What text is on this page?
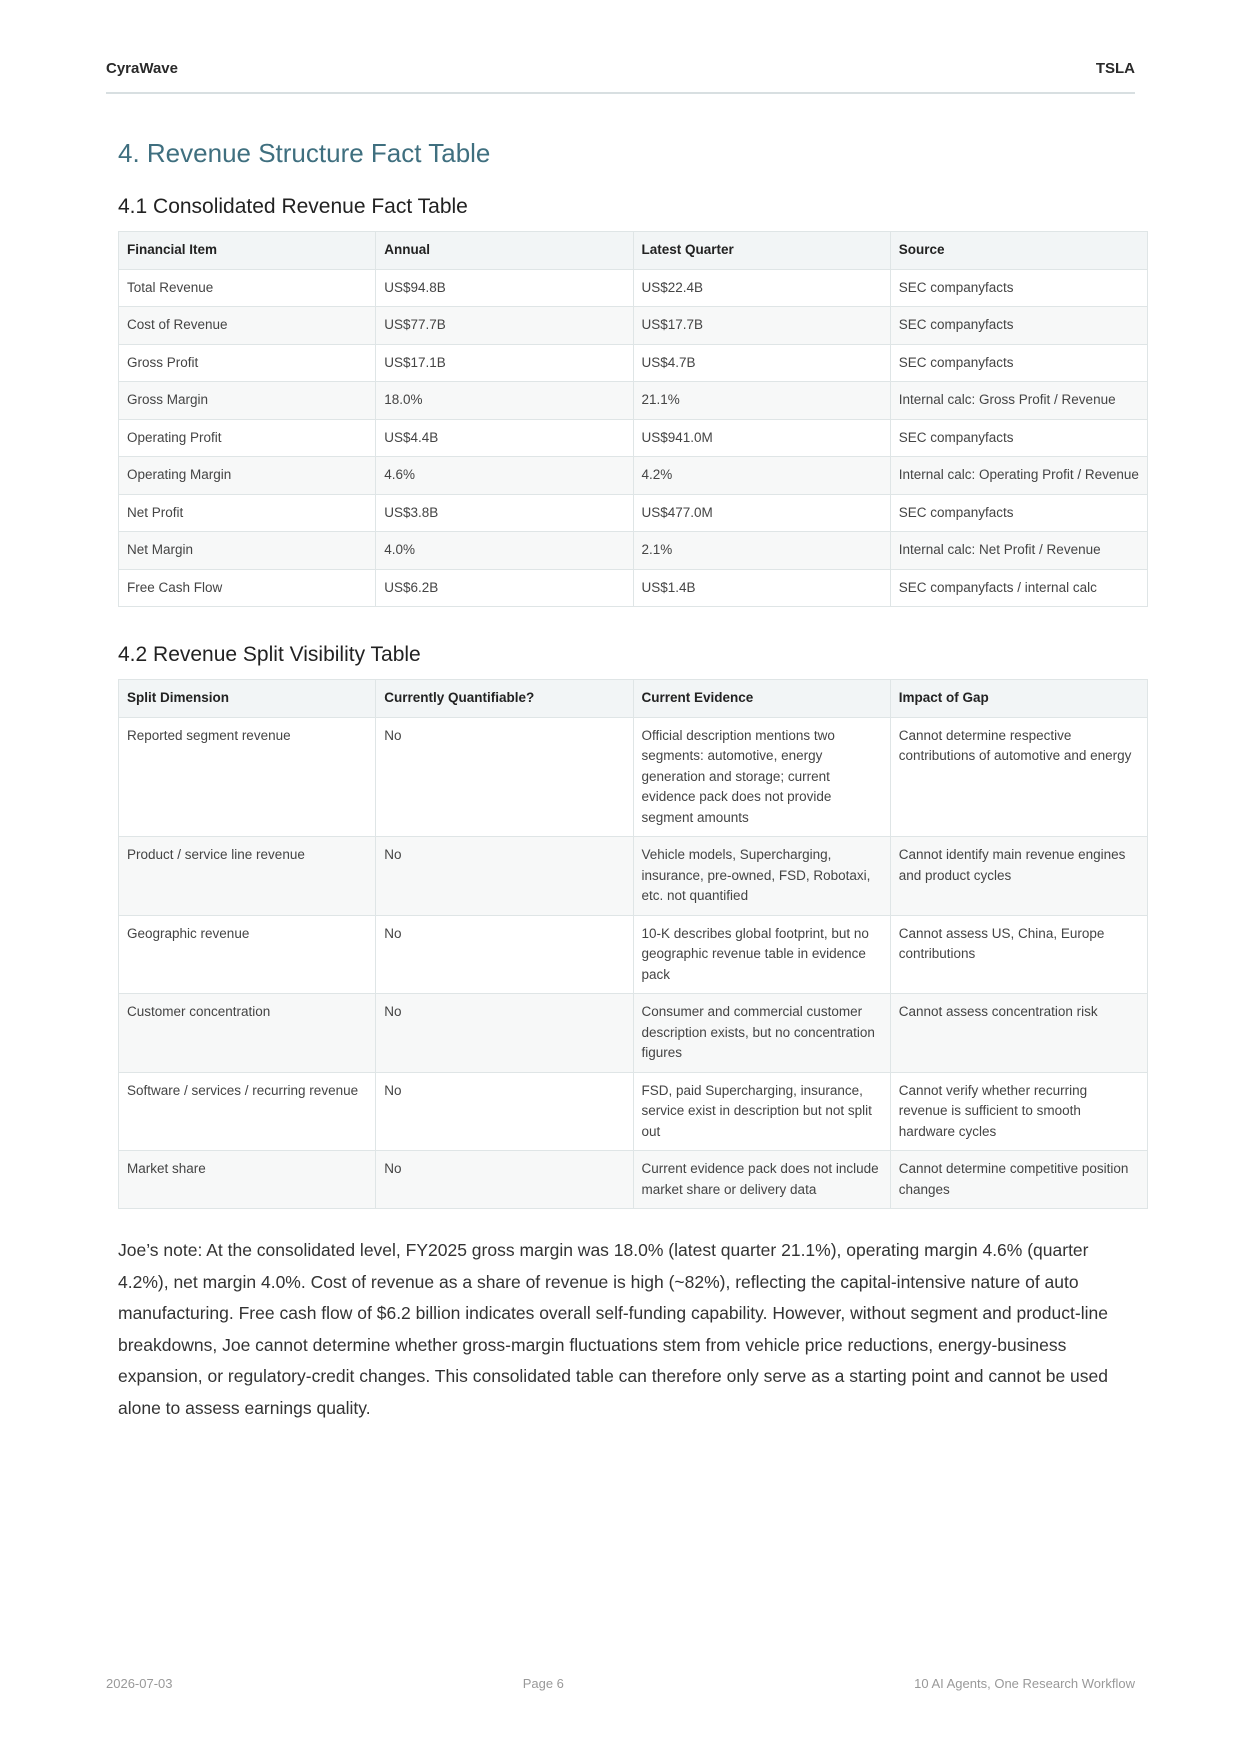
CyraWave	TSLA
4. Revenue Structure Fact Table
4.1 Consolidated Revenue Fact Table
Financial Item	Annual	Latest Quarter	Source
Total Revenue	US$94.8B	US$22.4B	SEC companyfacts
Cost of Revenue	US$77.7B	US$17.7B	SEC companyfacts
Gross Profit	US$17.1B	US$4.7B	SEC companyfacts
Gross Margin	18.0%	21.1%	Internal calc: Gross Profit / Revenue
Operating Profit	US$4.4B	US$941.0M	SEC companyfacts
Operating Margin	4.6%	4.2%	Internal calc: Operating Profit / Revenue
Net Profit	US$3.8B	US$477.0M	SEC companyfacts
Net Margin	4.0%	2.1%	Internal calc: Net Profit / Revenue
Free Cash Flow	US$6.2B	US$1.4B	SEC companyfacts / internal calc
4.2 Revenue Split Visibility Table
Split Dimension	Currently Quantifiable?	Current Evidence	Impact of Gap
Reported segment revenue	No	Official description mentions two segments: automotive, energy generation and storage; current evidence pack does not provide segment amounts	Cannot determine respective contributions of automotive and energy
Product / service line revenue	No	Vehicle models, Supercharging, insurance, pre‑owned, FSD, Robotaxi, etc. not quantified	Cannot identify main revenue engines and product cycles
Geographic revenue	No	10‑K describes global footprint, but no geographic revenue table in evidence pack	Cannot assess US, China, Europe contributions
Customer concentration	No	Consumer and commercial customer description exists, but no concentration figures	Cannot assess concentration risk
Software / services / recurring revenue	No	FSD, paid Supercharging, insurance, service exist in description but not split out	Cannot verify whether recurring revenue is sufficient to smooth hardware cycles
Market share	No	Current evidence pack does not include market share or delivery data	Cannot determine competitive position changes

Joe’s note: At the consolidated level, FY2025 gross margin was 18.0% (latest quarter 21.1%), operating margin 4.6% (quarter 4.2%), net margin 4.0%. Cost of revenue as a share of revenue is high (~82%), reflecting the capital‑intensive nature of auto manufacturing. Free cash flow of $6.2 billion indicates overall self‑funding capability. However, without segment and product‑line breakdowns, Joe cannot determine whether gross‑margin fluctuations stem from vehicle price reductions, energy‑business expansion, or regulatory‑credit changes. This consolidated table can therefore only serve as a starting point and cannot be used alone to assess earnings quality.

2026-07-03	Page 6	10 AI Agents, One Research Workflow
